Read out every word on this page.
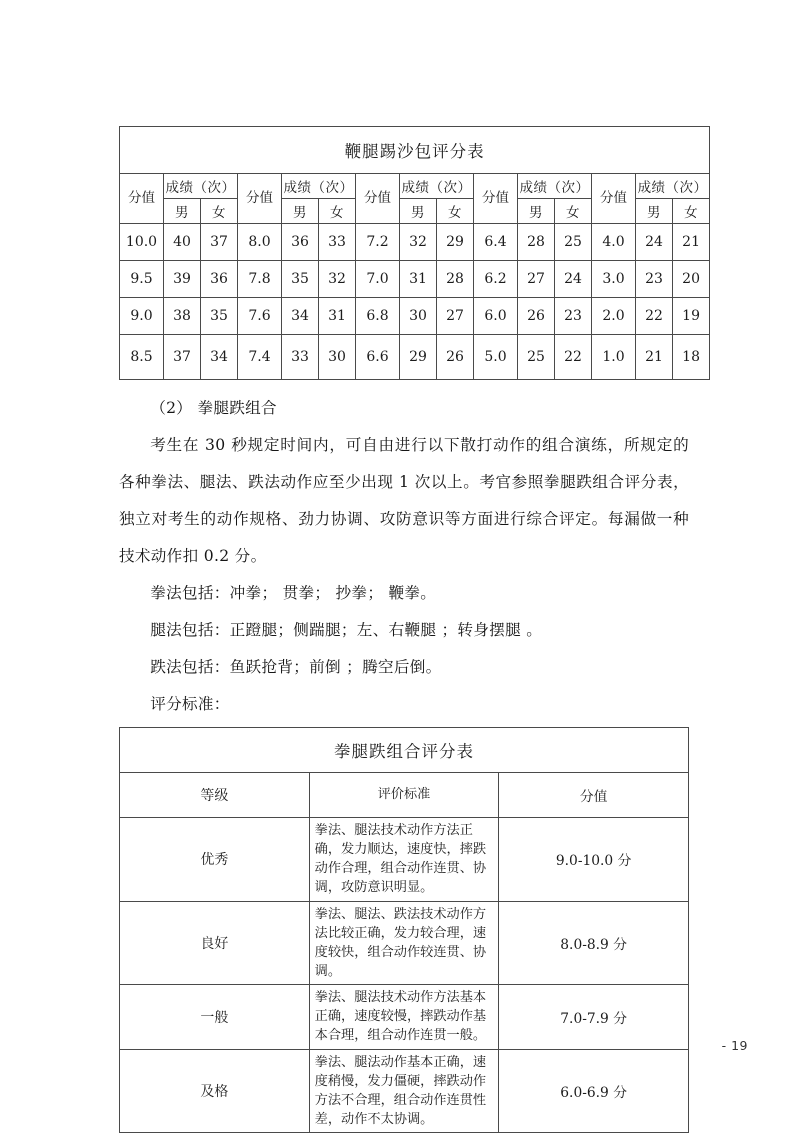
鞭腿踢沙包评分表														
分值	成绩（次）		分值	成绩（次）		分值	成绩（次）		分值	成绩（次）		分值	成绩（次）	
	男	女		男	女		男	女		男	女		男	女
10.0	40	37	8.0	36	33	7.2	32	29	6.4	28	25	4.0	24	21
9.5	39	36	7.8	35	32	7.0	31	28	6.2	27	24	3.0	23	20
9.0	38	35	7.6	34	31	6.8	30	27	6.0	26	23	2.0	22	19
8.5	37	34	7.4	33	30	6.6	29	26	5.0	25	22	1.0	21	18

（2） 拳腿跌组合

考生在 30 秒规定时间内，可自由进行以下散打动作的组合演练，所规定的各种拳法、腿法、跌法动作应至少出现 1 次以上。考官参照拳腿跌组合评分表，独立对考生的动作规格、劲力协调、攻防意识等方面进行综合评定。每漏做一种技术动作扣 0.2 分。

拳法包括：冲拳； 贯拳； 抄拳； 鞭拳。

腿法包括：正蹬腿；侧踹腿；左、右鞭腿 ；转身摆腿 。

跌法包括：鱼跃抢背；前倒 ；腾空后倒。

评分标准：

拳腿跌组合评分表		
等级	评价标准	分值
优秀	拳法、腿法技术动作方法正确，发力顺达，速度快，摔跌动作合理，组合动作连贯、协调，攻防意识明显。	9.0-10.0 分
良好	拳法、腿法、跌法技术动作方法比较正确，发力较合理，速度较快，组合动作较连贯、协调。	8.0-8.9 分
一般	拳法、腿法技术动作方法基本正确，速度较慢，摔跌动作基本合理，组合动作连贯一般。	7.0-7.9 分
及格	拳法、腿法动作基本正确，速度稍慢，发力僵硬，摔跌动作方法不合理，组合动作连贯性差，动作不太协调。	6.0-6.9 分
- 19
